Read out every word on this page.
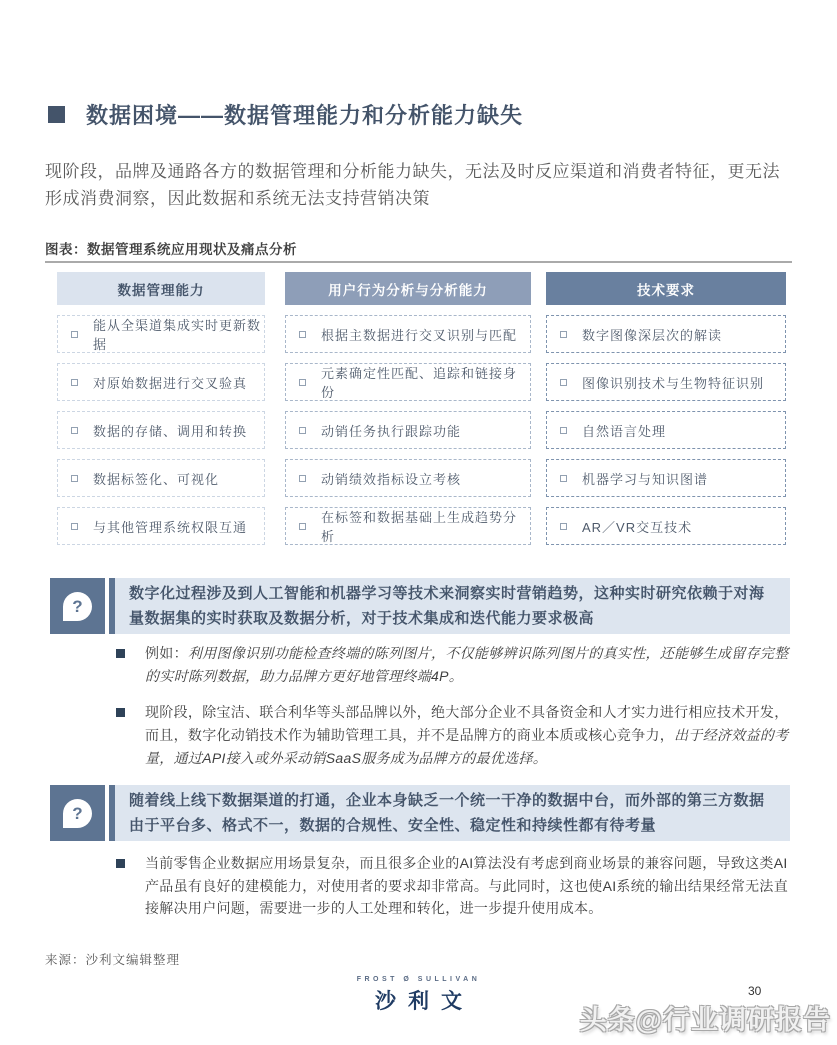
数据困境——数据管理能力和分析能力缺失

现阶段，品牌及通路各方的数据管理和分析能力缺失，无法及时反应渠道和消费者特征，更无法形成消费洞察，因此数据和系统无法支持营销决策

图表：数据管理系统应用现状及痛点分析
数据管理能力
能从全渠道集成实时更新数据
对原始数据进行交叉验真
数据的存储、调用和转换
数据标签化、可视化
与其他管理系统权限互通
用户行为分析与分析能力
根据主数据进行交叉识别与匹配
元素确定性匹配、追踪和链接身份
动销任务执行跟踪功能
动销绩效指标设立考核
在标签和数据基础上生成趋势分析
技术要求
数字图像深层次的解读
图像识别技术与生物特征识别
自然语言处理
机器学习与知识图谱
AR／VR交互技术
?
数字化过程涉及到人工智能和机器学习等技术来洞察实时营销趋势，这种实时研究依赖于对海量数据集的实时获取及数据分析，对于技术集成和迭代能力要求极高

例如：利用图像识别功能检查终端的陈列图片，不仅能够辨识陈列图片的真实性，还能够生成留存完整的实时陈列数据，助力品牌方更好地管理终端4P。

现阶段，除宝洁、联合利华等头部品牌以外，绝大部分企业不具备资金和人才实力进行相应技术开发，而且，数字化动销技术作为辅助管理工具，并不是品牌方的商业本质或核心竞争力，出于经济效益的考量，通过API接入或外采动销SaaS服务成为品牌方的最优选择。

?
随着线上线下数据渠道的打通，企业本身缺乏一个统一干净的数据中台，而外部的第三方数据由于平台多、格式不一，数据的合规性、安全性、稳定性和持续性都有待考量

当前零售企业数据应用场景复杂，而且很多企业的AI算法没有考虑到商业场景的兼容问题，导致这类AI产品虽有良好的建模能力，对使用者的要求却非常高。与此同时，这也使AI系统的输出结果经常无法直接解决用户问题，需要进一步的人工处理和转化，进一步提升使用成本。

来源：沙利文编辑整理
FROST Ø SULLIVAN
沙利文	30
头条@行业调研报告
